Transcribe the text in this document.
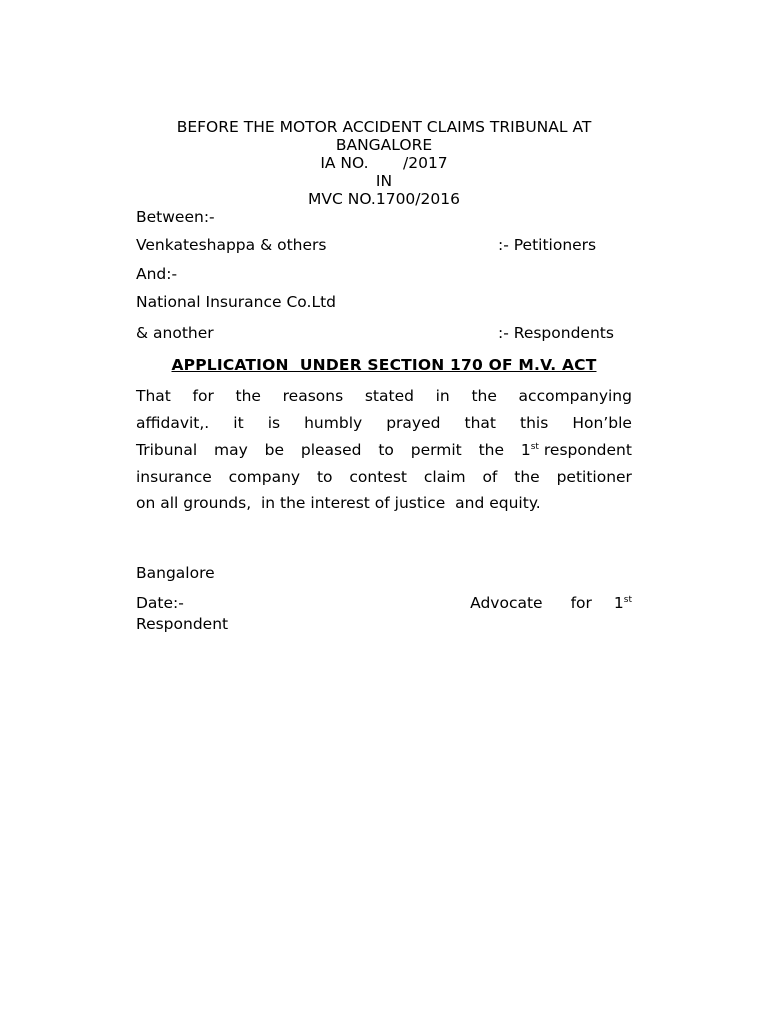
BEFORE THE MOTOR ACCIDENT CLAIMS TRIBUNAL AT

BANGALORE

IA NO.       /2017

IN

MVC NO.1700/2016

Between:-

Venkateshappa & others	:- Petitioners

And:-

National Insurance Co.Ltd

& another	:- Respondents

APPLICATION  UNDER SECTION 170 OF M.V. ACT

That for the reasons stated in the accompanying
affidavit,. it is humbly prayed that this Hon’ble
Tribunal may be pleased to permit the 1st respondent
insurance company to contest claim of the petitioner

on all grounds,  in the interest of justice  and equity.

Bangalore

Date:-	Advocate for 1st

Respondent
